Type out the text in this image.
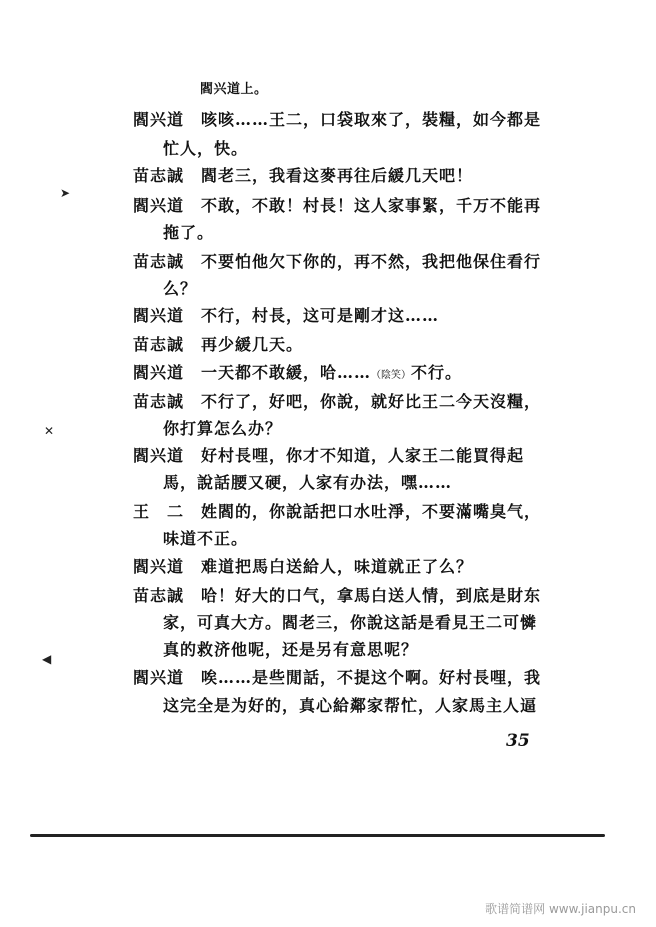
閻兴道上。
閻兴道 咳咳……王二，口袋取來了，裝糧，如今都是
忙人，快。
苗志誠 閻老三，我看这麥再往后緩几天吧！
閻兴道 不敢，不敢！村長！这人家事緊，千万不能再
拖了。
苗志誠 不要怕他欠下你的，再不然，我把他保住看行
么？
閻兴道 不行，村長，这可是剛才这……
苗志誠 再少緩几天。
閻兴道 一天都不敢緩，哈……（陰笑）不行。
苗志誠 不行了，好吧，你說，就好比王二今天沒糧，
你打算怎么办？
閻兴道 好村長哩，你才不知道，人家王二能買得起
馬，說話腰又硬，人家有办法，嘿……
王　二 姓閻的，你說話把口水吐淨，不要滿嘴臭气，
味道不正。
閻兴道 难道把馬白送給人，味道就正了么？
苗志誠 哈！好大的口气，拿馬白送人情，到底是財东
家，可真大方。閻老三，你說这話是看見王二可憐
真的救济他呢，还是另有意思呢？
閻兴道 唉……是些閒話，不提这个啊。好村長哩，我
这完全是为好的，真心給鄰家帮忙，人家馬主人逼
35
➤
✕
◀
歌谱简谱网 www.jianpu.cn
